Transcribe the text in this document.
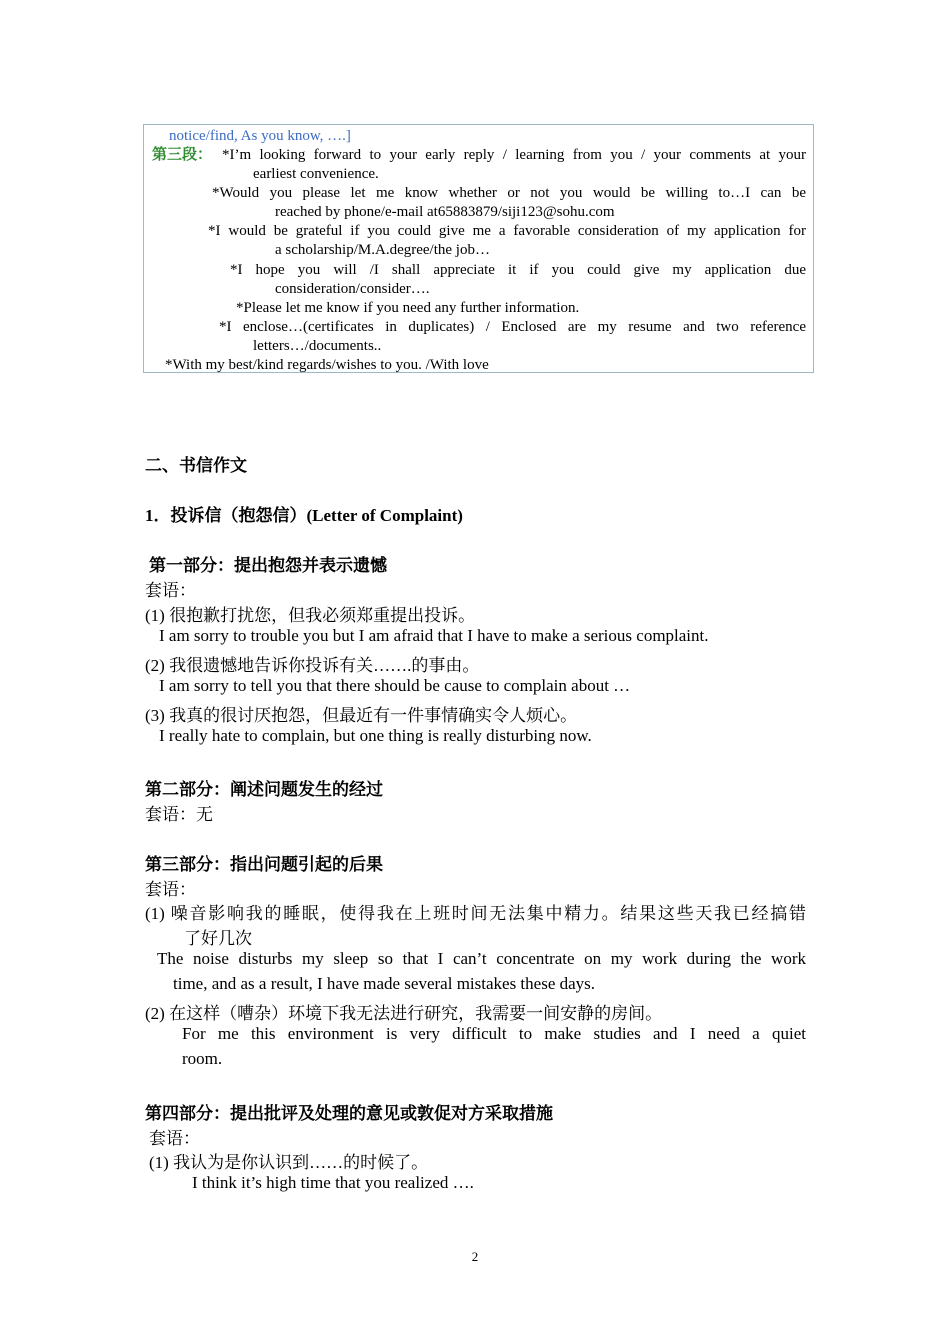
notice/find, As you know, ….]
第三段： *I’m looking forward to your early reply / learning from you / your comments at your
earliest convenience.
*Would you please let me know whether or not you would be willing to…I can be
reached by phone/e-mail at65883879/siji123@sohu.com
*I would be grateful if you could give me a favorable consideration of my application for
a scholarship/M.A.degree/the job…
*I hope you will /I shall appreciate it if you could give my application due
consideration/consider….
*Please let me know if you need any further information.
*I enclose…(certificates in duplicates) / Enclosed are my resume and two reference
letters…/documents..
*With my best/kind regards/wishes to you. /With love
二、书信作文
1．投诉信（抱怨信）(Letter of Complaint)
第一部分：提出抱怨并表示遗憾
套语：
(1) 很抱歉打扰您，但我必须郑重提出投诉。
I am sorry to trouble you but I am afraid that I have to make a serious complaint.
(2) 我很遗憾地告诉你投诉有关…….的事由。
I am sorry to tell you that there should be cause to complain about …
(3) 我真的很讨厌抱怨，但最近有一件事情确实令人烦心。
I really hate to complain, but one thing is really disturbing now.
第二部分：阐述问题发生的经过
套语：无
第三部分：指出问题引起的后果
套语：
(1) 噪音影响我的睡眠，使得我在上班时间无法集中精力。结果这些天我已经搞错
了好几次
The noise disturbs my sleep so that I can’t concentrate on my work during the work
time, and as a result, I have made several mistakes these days.
(2) 在这样（嘈杂）环境下我无法进行研究，我需要一间安静的房间。
For me this environment is very difficult to make studies and I need a quiet
room.
第四部分：提出批评及处理的意见或敦促对方采取措施
套语：
(1) 我认为是你认识到……的时候了。
I think it’s high time that you realized ….
2
